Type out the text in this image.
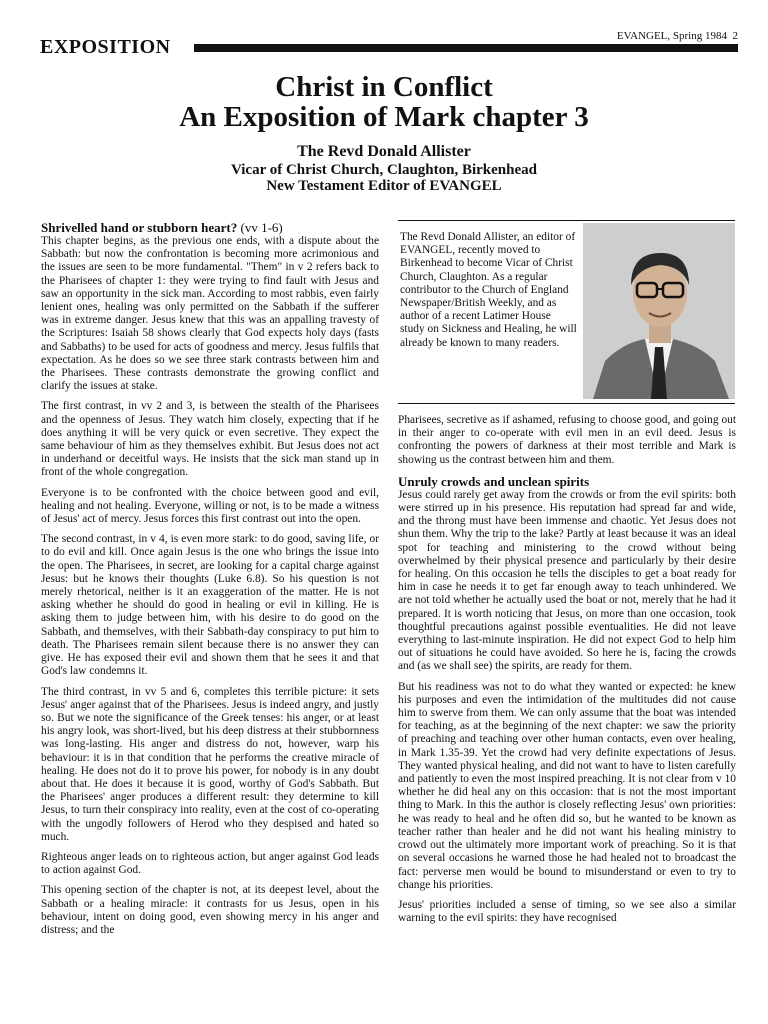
EXPOSITION	EVANGEL, Spring 1984 2
Christ in Conflict
An Exposition of Mark chapter 3
The Revd Donald Allister
Vicar of Christ Church, Claughton, Birkenhead
New Testament Editor of EVANGEL
Shrivelled hand or stubborn heart? (vv 1-6)

This chapter begins, as the previous one ends, with a dispute about the Sabbath: but now the confrontation is becoming more acrimonious and the issues are seen to be more fundamental. "Them" in v 2 refers back to the Pharisees of chapter 1: they were trying to find fault with Jesus and saw an opportunity in the sick man. According to most rabbis, even fairly lenient ones, healing was only permitted on the Sabbath if the sufferer was in extreme danger. Jesus knew that this was an appalling travesty of the Scriptures: Isaiah 58 shows clearly that God expects holy days (fasts and Sabbaths) to be used for acts of goodness and mercy. Jesus fulfils that expectation. As he does so we see three stark contrasts between him and the Pharisees. These contrasts demonstrate the growing conflict and clarify the issues at stake.

The first contrast, in vv 2 and 3, is between the stealth of the Pharisees and the openness of Jesus. They watch him closely, expecting that if he does anything it will be very quick or even secretive. They expect the same behaviour of him as they themselves exhibit. But Jesus does not act in underhand or deceitful ways. He insists that the sick man stand up in front of the whole congregation.

Everyone is to be confronted with the choice between good and evil, healing and not healing. Everyone, willing or not, is to be made a witness of Jesus' act of mercy. Jesus forces this first contrast out into the open.

The second contrast, in v 4, is even more stark: to do good, saving life, or to do evil and kill. Once again Jesus is the one who brings the issue into the open. The Pharisees, in secret, are looking for a capital charge against Jesus: but he knows their thoughts (Luke 6.8). So his question is not merely rhetorical, neither is it an exaggeration of the matter. He is not asking whether he should do good in healing or evil in killing. He is asking them to judge between him, with his desire to do good on the Sabbath, and themselves, with their Sabbath-day conspiracy to put him to death. The Pharisees remain silent because there is no answer they can give. He has exposed their evil and shown them that he sees it and that God's law condemns it.

The third contrast, in vv 5 and 6, completes this terrible picture: it sets Jesus' anger against that of the Pharisees. Jesus is indeed angry, and justly so. But we note the significance of the Greek tenses: his anger, or at least his angry look, was short-lived, but his deep distress at their stubbornness was long-lasting. His anger and distress do not, however, warp his behaviour: it is in that condition that he performs the creative miracle of healing. He does not do it to prove his power, for nobody is in any doubt about that. He does it because it is good, worthy of God's Sabbath. But the Pharisees' anger produces a different result: they determine to kill Jesus, to turn their conspiracy into reality, even at the cost of co-operating with the ungodly followers of Herod who they despised and hated so much.

Righteous anger leads on to righteous action, but anger against God leads to action against God.

This opening section of the chapter is not, at its deepest level, about the Sabbath or a healing miracle: it contrasts for us Jesus, open in his behaviour, intent on doing good, even showing mercy in his anger and distress; and the

The Revd Donald Allister, an editor of EVANGEL, recently moved to Birkenhead to become Vicar of Christ Church, Claughton. As a regular contributor to the Church of England Newspaper/British Weekly, and as author of a recent Latimer House study on Sickness and Healing, he will already be known to many readers.

Pharisees, secretive as if ashamed, refusing to choose good, and going out in their anger to co-operate with evil men in an evil deed. Jesus is confronting the powers of darkness at their most terrible and Mark is showing us the contrast between him and them.

Unruly crowds and unclean spirits

Jesus could rarely get away from the crowds or from the evil spirits: both were stirred up in his presence. His reputation had spread far and wide, and the throng must have been immense and chaotic. Yet Jesus does not shun them. Why the trip to the lake? Partly at least because it was an ideal spot for teaching and ministering to the crowd without being overwhelmed by their physical presence and particularly by their desire for healing. On this occasion he tells the disciples to get a boat ready for him in case he needs it to get far enough away to teach unhindered. We are not told whether he actually used the boat or not, merely that he had it prepared. It is worth noticing that Jesus, on more than one occasion, took thoughtful precautions against possible eventualities. He did not leave everything to last-minute inspiration. He did not expect God to help him out of situations he could have avoided. So here he is, facing the crowds and (as we shall see) the spirits, are ready for them.

But his readiness was not to do what they wanted or expected: he knew his purposes and even the intimidation of the multitudes did not cause him to swerve from them. We can only assume that the boat was intended for teaching, as at the beginning of the next chapter: we saw the priority of preaching and teaching over other human contacts, even over healing, in Mark 1.35-39. Yet the crowd had very definite expectations of Jesus. They wanted physical healing, and did not want to have to listen carefully and patiently to even the most inspired preaching. It is not clear from v 10 whether he did heal any on this occasion: that is not the most important thing to Mark. In this the author is closely reflecting Jesus' own priorities: he was ready to heal and he often did so, but he wanted to be known as teacher rather than healer and he did not want his healing ministry to crowd out the ultimately more important work of preaching. So it is that on several occasions he warned those he had healed not to broadcast the fact: perverse men would be bound to misunderstand or even to try to change his priorities.

Jesus' priorities included a sense of timing, so we see also a similar warning to the evil spirits: they have recognised
